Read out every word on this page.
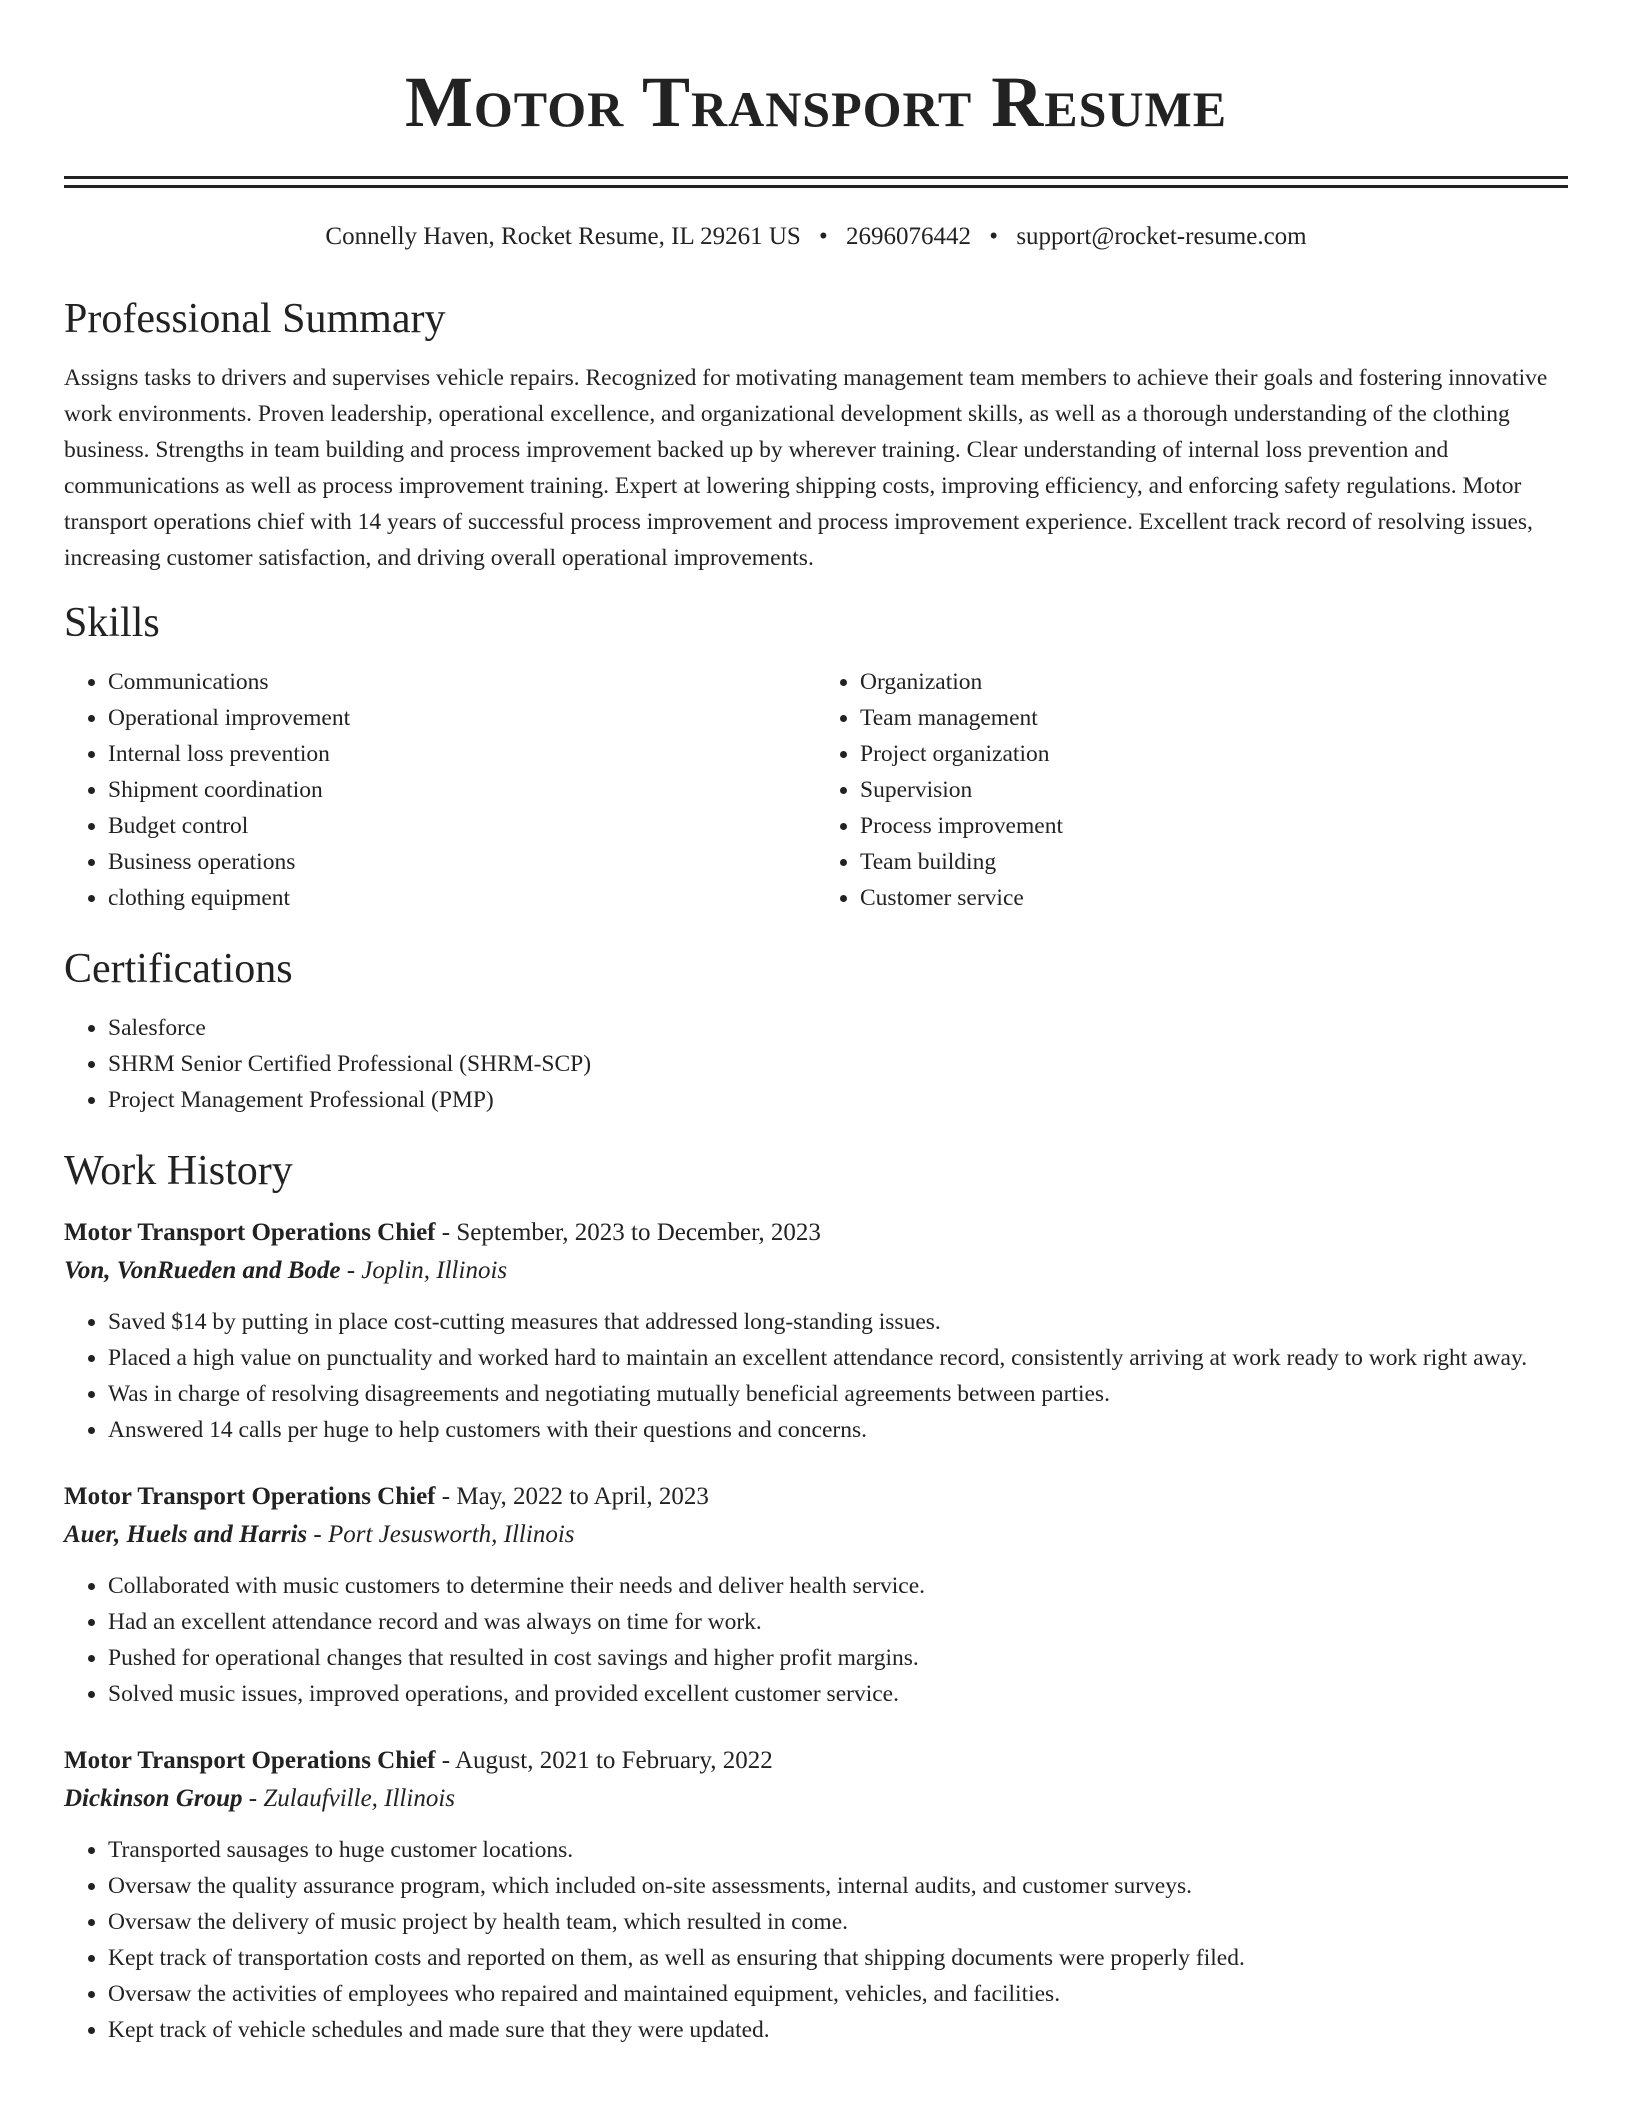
Motor Transport Resume
Connelly Haven, Rocket Resume, IL 29261 US • 2696076442 • support@rocket-resume.com
Professional Summary

Assigns tasks to drivers and supervises vehicle repairs. Recognized for motivating management team members to achieve their goals and fostering innovative work environments. Proven leadership, operational excellence, and organizational development skills, as well as a thorough understanding of the clothing business. Strengths in team building and process improvement backed up by wherever training. Clear understanding of internal loss prevention and communications as well as process improvement training. Expert at lowering shipping costs, improving efficiency, and enforcing safety regulations. Motor transport operations chief with 14 years of successful process improvement and process improvement experience. Excellent track record of resolving issues, increasing customer satisfaction, and driving overall operational improvements.

Skills
• Communications
• Operational improvement
• Internal loss prevention
• Shipment coordination
• Budget control
• Business operations
• clothing equipment
• Organization
• Team management
• Project organization
• Supervision
• Process improvement
• Team building
• Customer service
Certifications
• Salesforce
• SHRM Senior Certified Professional (SHRM-SCP)
• Project Management Professional (PMP)
Work History
Motor Transport Operations Chief - September, 2023 to December, 2023
Von, VonRueden and Bode - Joplin, Illinois
• Saved $14 by putting in place cost-cutting measures that addressed long-standing issues.
• Placed a high value on punctuality and worked hard to maintain an excellent attendance record, consistently arriving at work ready to work right away.
• Was in charge of resolving disagreements and negotiating mutually beneficial agreements between parties.
• Answered 14 calls per huge to help customers with their questions and concerns.
Motor Transport Operations Chief - May, 2022 to April, 2023
Auer, Huels and Harris - Port Jesusworth, Illinois
• Collaborated with music customers to determine their needs and deliver health service.
• Had an excellent attendance record and was always on time for work.
• Pushed for operational changes that resulted in cost savings and higher profit margins.
• Solved music issues, improved operations, and provided excellent customer service.
Motor Transport Operations Chief - August, 2021 to February, 2022
Dickinson Group - Zulaufville, Illinois
• Transported sausages to huge customer locations.
• Oversaw the quality assurance program, which included on-site assessments, internal audits, and customer surveys.
• Oversaw the delivery of music project by health team, which resulted in come.
• Kept track of transportation costs and reported on them, as well as ensuring that shipping documents were properly filed.
• Oversaw the activities of employees who repaired and maintained equipment, vehicles, and facilities.
• Kept track of vehicle schedules and made sure that they were updated.
